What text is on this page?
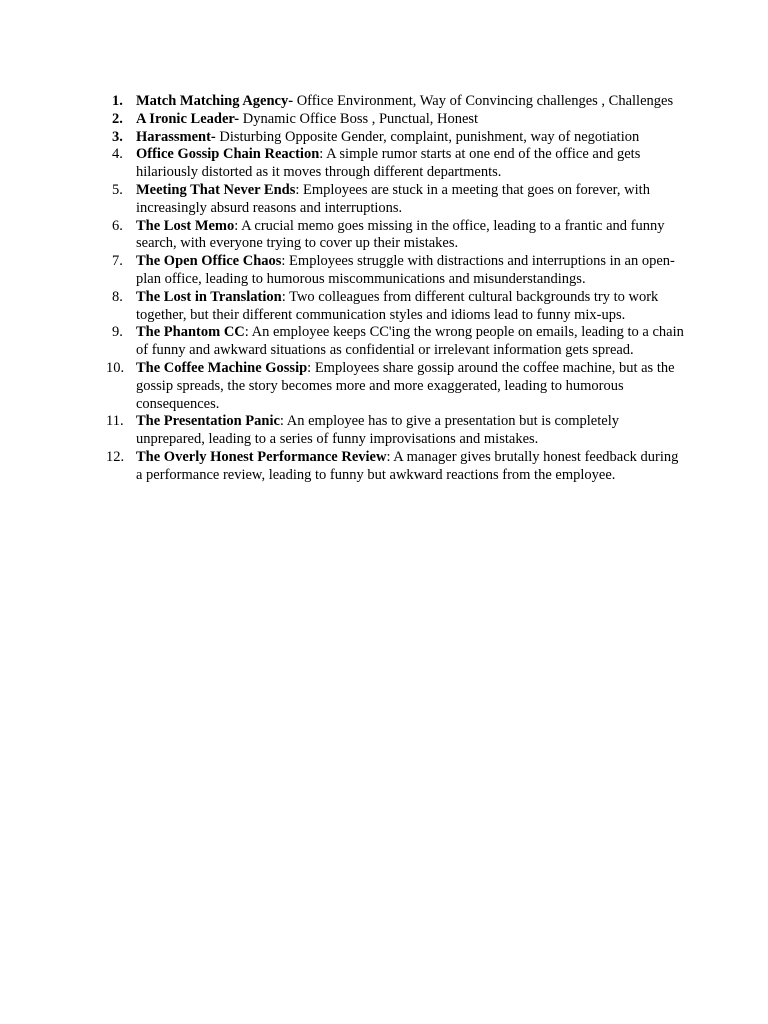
1. Match Matching Agency- Office Environment, Way of Convincing challenges , Challenges
2. A Ironic Leader- Dynamic Office Boss , Punctual, Honest
3. Harassment- Disturbing Opposite Gender, complaint, punishment, way of negotiation
4. Office Gossip Chain Reaction: A simple rumor starts at one end of the office and gets hilariously distorted as it moves through different departments.
5. Meeting That Never Ends: Employees are stuck in a meeting that goes on forever, with increasingly absurd reasons and interruptions.
6. The Lost Memo: A crucial memo goes missing in the office, leading to a frantic and funny search, with everyone trying to cover up their mistakes.
7. The Open Office Chaos: Employees struggle with distractions and interruptions in an open-plan office, leading to humorous miscommunications and misunderstandings.
8. The Lost in Translation: Two colleagues from different cultural backgrounds try to work together, but their different communication styles and idioms lead to funny mix-ups.
9. The Phantom CC: An employee keeps CC'ing the wrong people on emails, leading to a chain of funny and awkward situations as confidential or irrelevant information gets spread.
10. The Coffee Machine Gossip: Employees share gossip around the coffee machine, but as the gossip spreads, the story becomes more and more exaggerated, leading to humorous consequences.
11. The Presentation Panic: An employee has to give a presentation but is completely unprepared, leading to a series of funny improvisations and mistakes.
12. The Overly Honest Performance Review: A manager gives brutally honest feedback during a performance review, leading to funny but awkward reactions from the employee.
